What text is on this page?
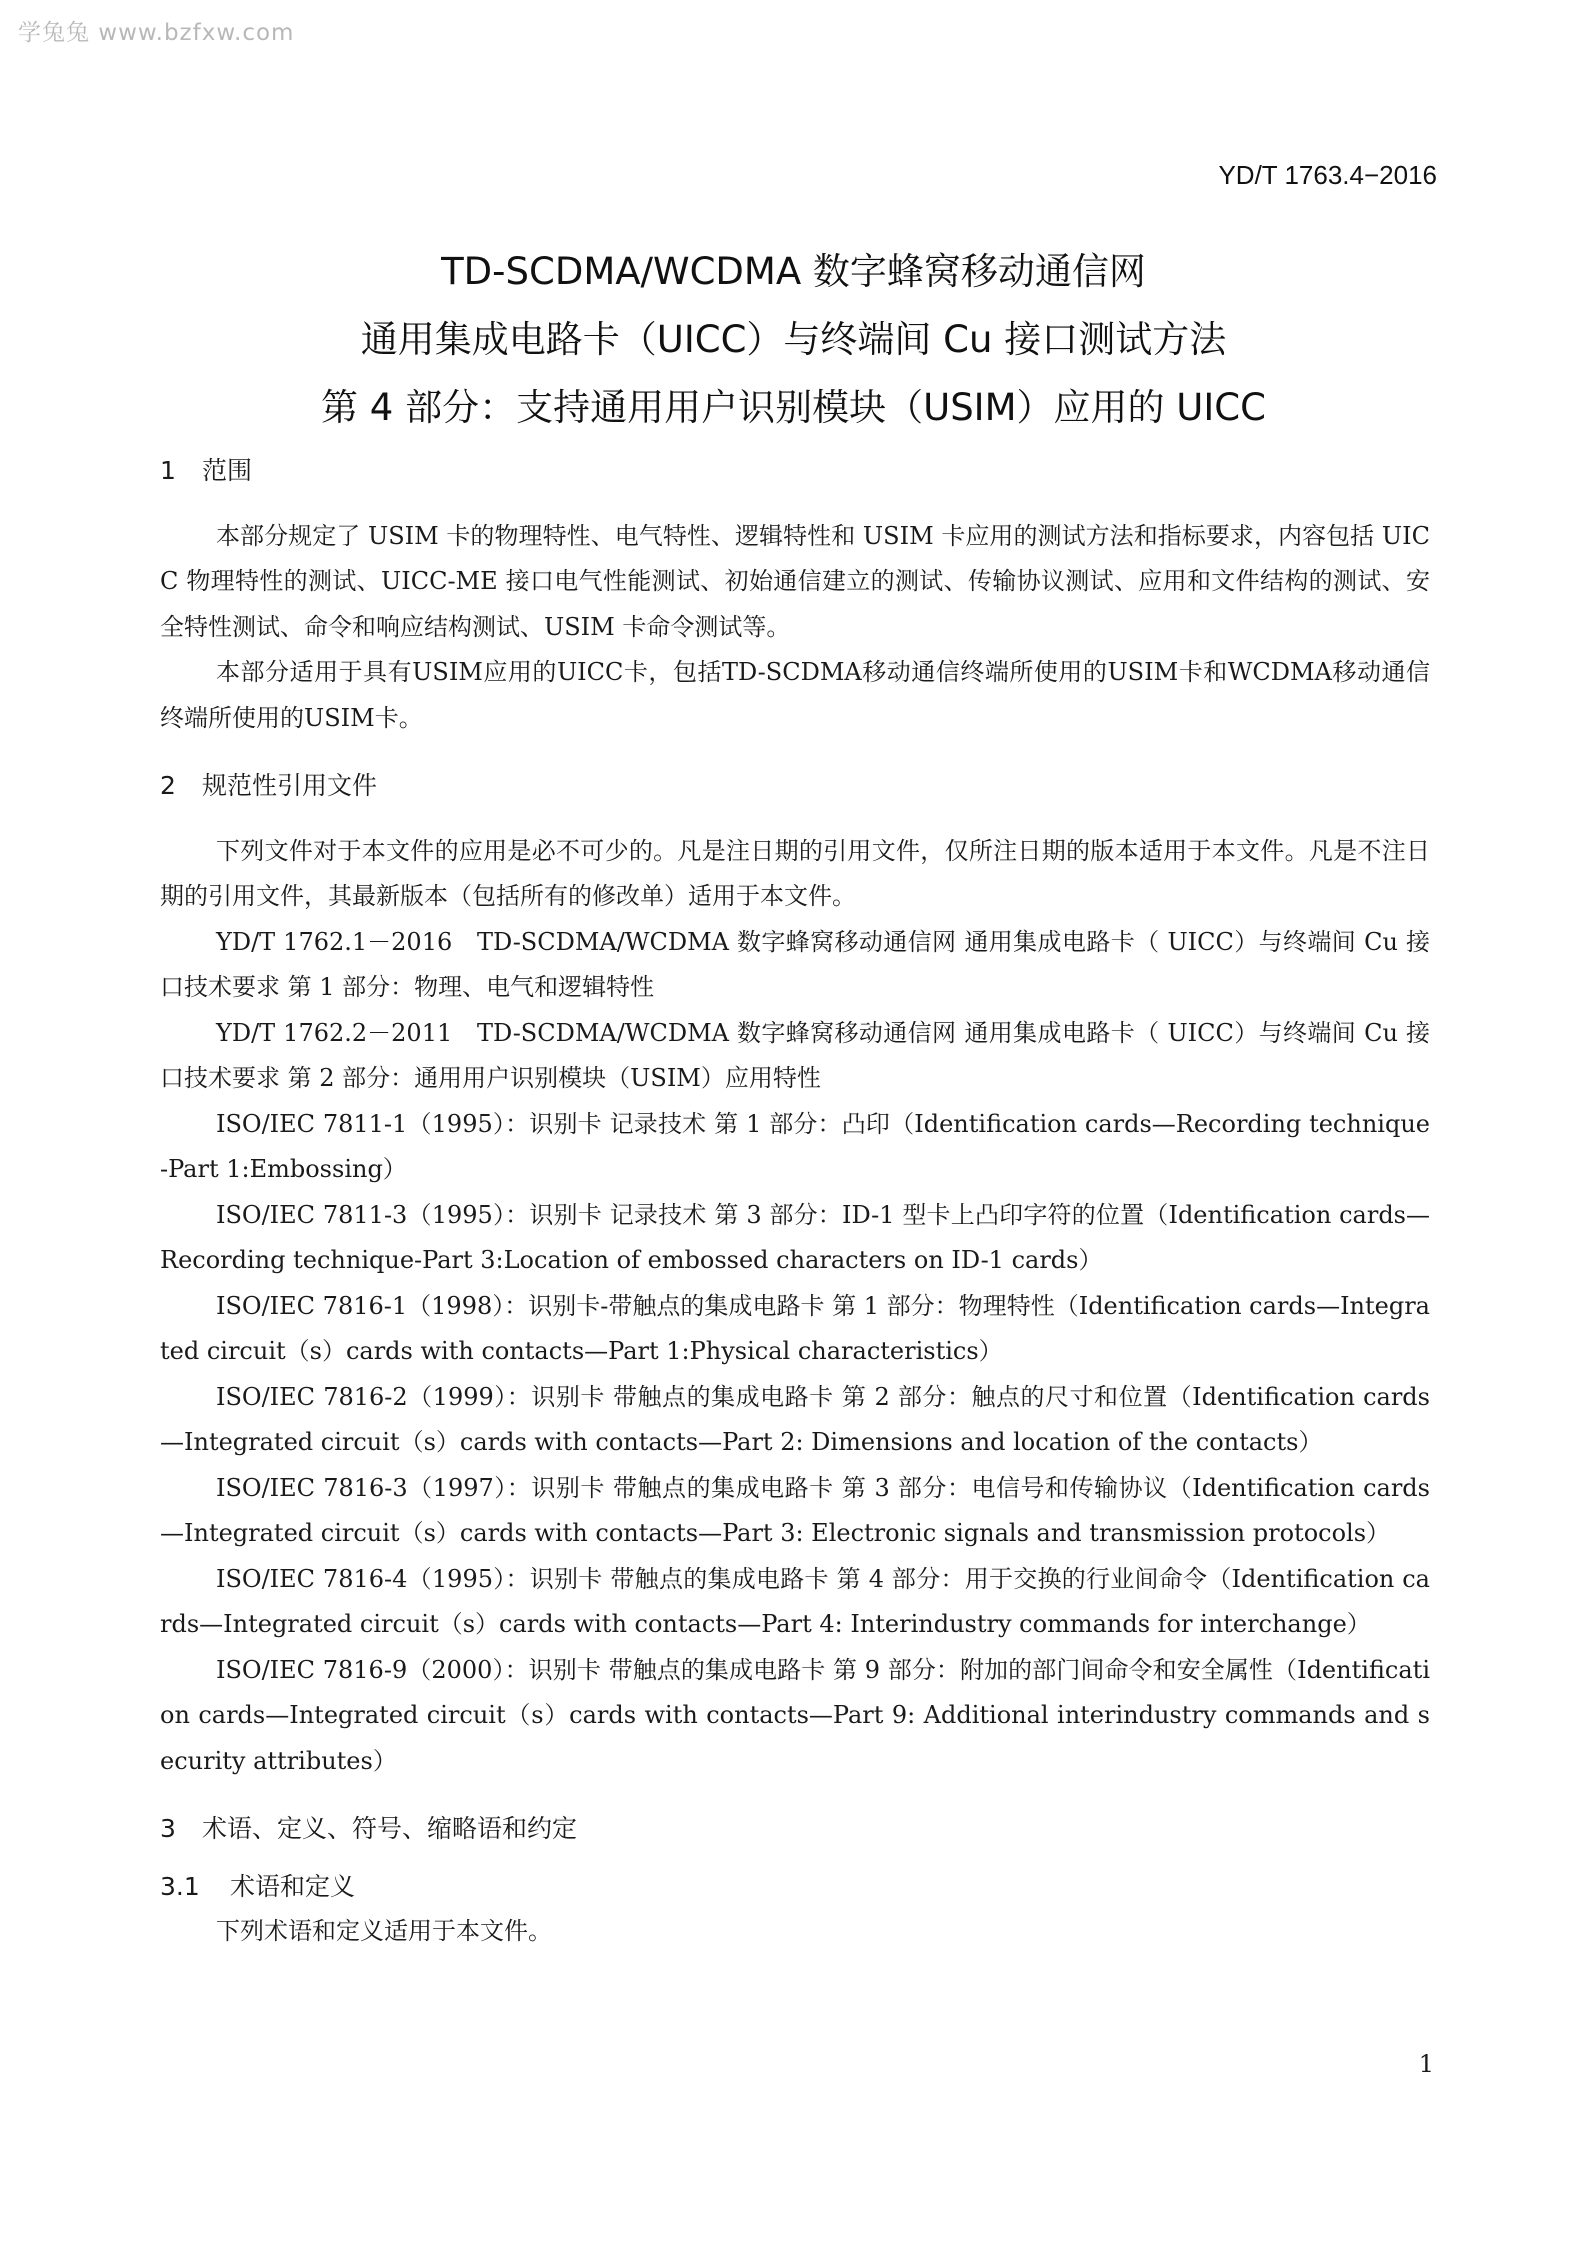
学兔兔 www.bzfxw.com
YD/T 1763.4−2016
TD-SCDMA/WCDMA 数字蜂窝移动通信网
通用集成电路卡（UICC）与终端间 Cu 接口测试方法
第 4 部分：支持通用用户识别模块（USIM）应用的 UICC
1 范围

本部分规定了 USIM 卡的物理特性、电气特性、逻辑特性和 USIM 卡应用的测试方法和指标要求，内容包括 UICC 物理特性的测试、UICC-ME 接口电气性能测试、初始通信建立的测试、传输协议测试、应用和文件结构的测试、安全特性测试、命令和响应结构测试、USIM 卡命令测试等。

本部分适用于具有USIM应用的UICC卡，包括TD-SCDMA移动通信终端所使用的USIM卡和WCDMA移动通信终端所使用的USIM卡。

2 规范性引用文件

下列文件对于本文件的应用是必不可少的。凡是注日期的引用文件，仅所注日期的版本适用于本文件。凡是不注日期的引用文件，其最新版本（包括所有的修改单）适用于本文件。

YD/T 1762.1－2016　TD-SCDMA/WCDMA 数字蜂窝移动通信网 通用集成电路卡（ UICC）与终端间 Cu 接口技术要求 第 1 部分：物理、电气和逻辑特性

YD/T 1762.2－2011　TD-SCDMA/WCDMA 数字蜂窝移动通信网 通用集成电路卡（ UICC）与终端间 Cu 接口技术要求 第 2 部分：通用用户识别模块（USIM）应用特性

ISO/IEC 7811-1（1995）：识别卡 记录技术 第 1 部分：凸印（Identification cards—Recording technique-Part 1:Embossing）

ISO/IEC 7811-3（1995）：识别卡 记录技术 第 3 部分：ID-1 型卡上凸印字符的位置（Identification cards—Recording technique-Part 3:Location of embossed characters on ID-1 cards）

ISO/IEC 7816-1（1998）：识别卡-带触点的集成电路卡 第 1 部分：物理特性（Identification cards—Integrated circuit（s）cards with contacts—Part 1:Physical characteristics）

ISO/IEC 7816-2（1999）：识别卡 带触点的集成电路卡 第 2 部分：触点的尺寸和位置（Identification cards—Integrated circuit（s）cards with contacts—Part 2: Dimensions and location of the contacts）

ISO/IEC 7816-3（1997）：识别卡 带触点的集成电路卡 第 3 部分：电信号和传输协议（Identification cards—Integrated circuit（s）cards with contacts—Part 3: Electronic signals and transmission protocols）

ISO/IEC 7816-4（1995）：识别卡 带触点的集成电路卡 第 4 部分：用于交换的行业间命令（Identification cards—Integrated circuit（s）cards with contacts—Part 4: Interindustry commands for interchange）

ISO/IEC 7816-9（2000）：识别卡 带触点的集成电路卡 第 9 部分：附加的部门间命令和安全属性（Identification cards—Integrated circuit（s）cards with contacts—Part 9: Additional interindustry commands and security attributes）

3 术语、定义、符号、缩略语和约定
3.1 术语和定义

下列术语和定义适用于本文件。

1
